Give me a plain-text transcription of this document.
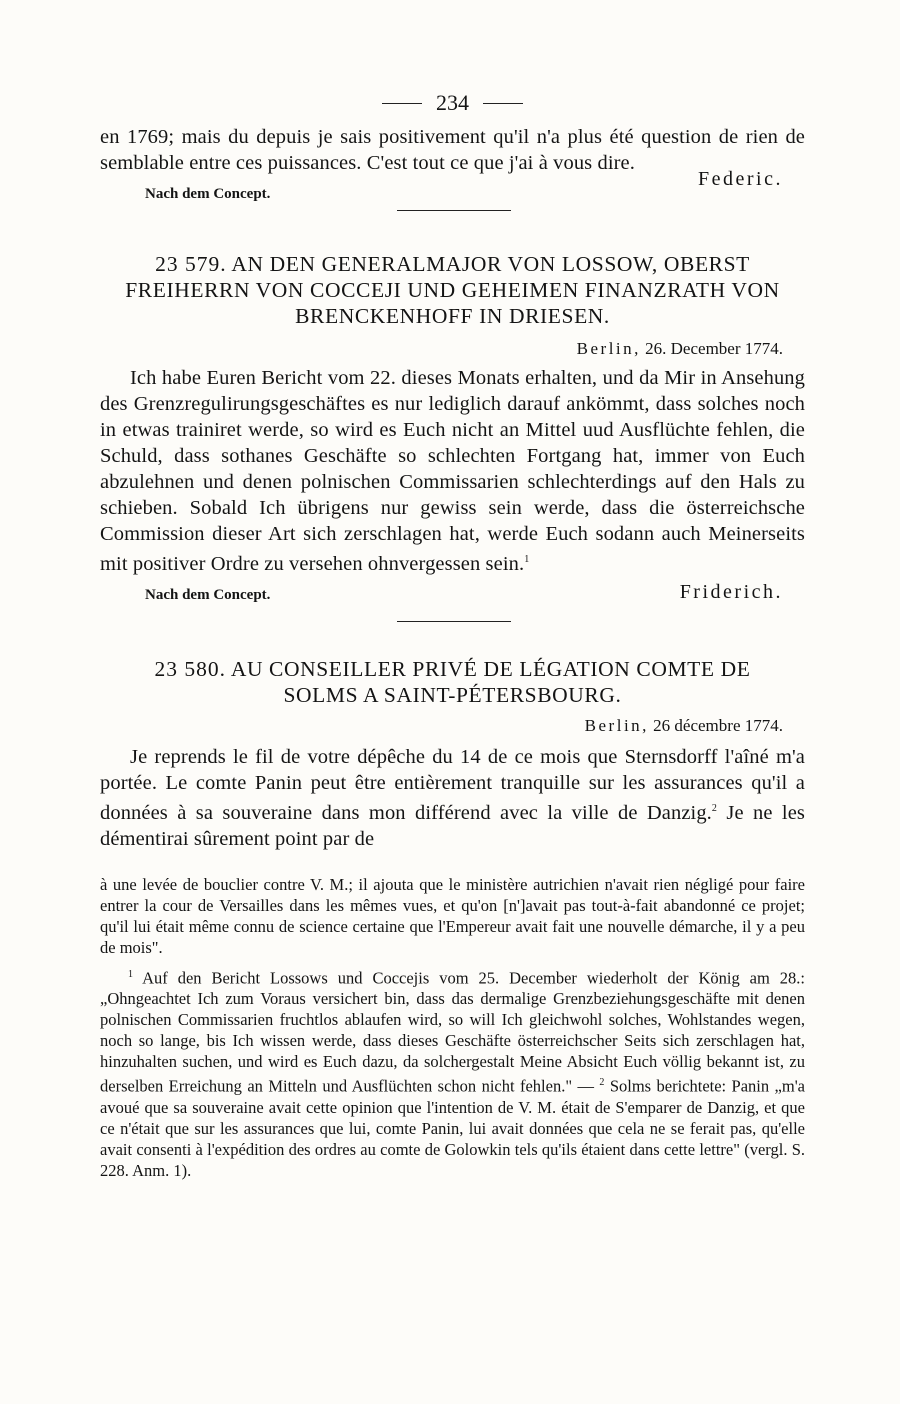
234

en 1769; mais du depuis je sais positivement qu'il n'a plus été question de rien de semblable entre ces puissances. C'est tout ce que j'ai à vous dire.

Nach dem Concept.
Federic.
23 579. AN DEN GENERALMAJOR VON LOSSOW, OBERST FREIHERRN VON COCCEJI UND GEHEIMEN FINANZRATH VON BRENCKENHOFF IN DRIESEN.
Berlin, 26. December 1774.

Ich habe Euren Bericht vom 22. dieses Monats erhalten, und da Mir in Ansehung des Grenzregulirungsgeschäftes es nur lediglich darauf ankömmt, dass solches noch in etwas trainiret werde, so wird es Euch nicht an Mittel uud Ausflüchte fehlen, die Schuld, dass sothanes Geschäfte so schlechten Fortgang hat, immer von Euch abzulehnen und denen polnischen Commissarien schlechterdings auf den Hals zu schieben. Sobald Ich übrigens nur gewiss sein werde, dass die österreichsche Commission dieser Art sich zerschlagen hat, werde Euch sodann auch Meinerseits mit positiver Ordre zu versehen ohnvergessen sein.$^1$

Nach dem Concept.	Friderich.
23 580. AU CONSEILLER PRIVÉ DE LÉGATION COMTE DE SOLMS A SAINT-PÉTERSBOURG.
Berlin, 26 décembre 1774.

Je reprends le fil de votre dépêche du 14 de ce mois que Sternsdorff l'aîné m'a portée. Le comte Panin peut être entièrement tranquille sur les assurances qu'il a données à sa souveraine dans mon différend avec la ville de Danzig.$^2$ Je ne les démentirai sûrement point par de

à une levée de bouclier contre V. M.; il ajouta que le ministère autrichien n'avait rien négligé pour faire entrer la cour de Versailles dans les mêmes vues, et qu'on [n']avait pas tout-à-fait abandonné ce projet; qu'il lui était même connu de science certaine que l'Empereur avait fait une nouvelle démarche, il y a peu de mois".

$^1$ Auf den Bericht Lossows und Coccejis vom 25. December wiederholt der König am 28.: „Ohngeachtet Ich zum Voraus versichert bin, dass das dermalige Grenzbeziehungsgeschäfte mit denen polnischen Commissarien fruchtlos ablaufen wird, so will Ich gleichwohl solches, Wohlstandes wegen, noch so lange, bis Ich wissen werde, dass dieses Geschäfte österreichscher Seits sich zerschlagen hat, hinzuhalten suchen, und wird es Euch dazu, da solchergestalt Meine Absicht Euch völlig bekannt ist, zu derselben Erreichung an Mitteln und Ausflüchten schon nicht fehlen." — $^2$ Solms berichtete: Panin „m'a avoué que sa souveraine avait cette opinion que l'intention de V. M. était de S'emparer de Danzig, et que ce n'était que sur les assurances que lui, comte Panin, lui avait données que cela ne se ferait pas, qu'elle avait consenti à l'expédition des ordres au comte de Golowkin tels qu'ils étaient dans cette lettre" (vergl. S. 228. Anm. 1).
